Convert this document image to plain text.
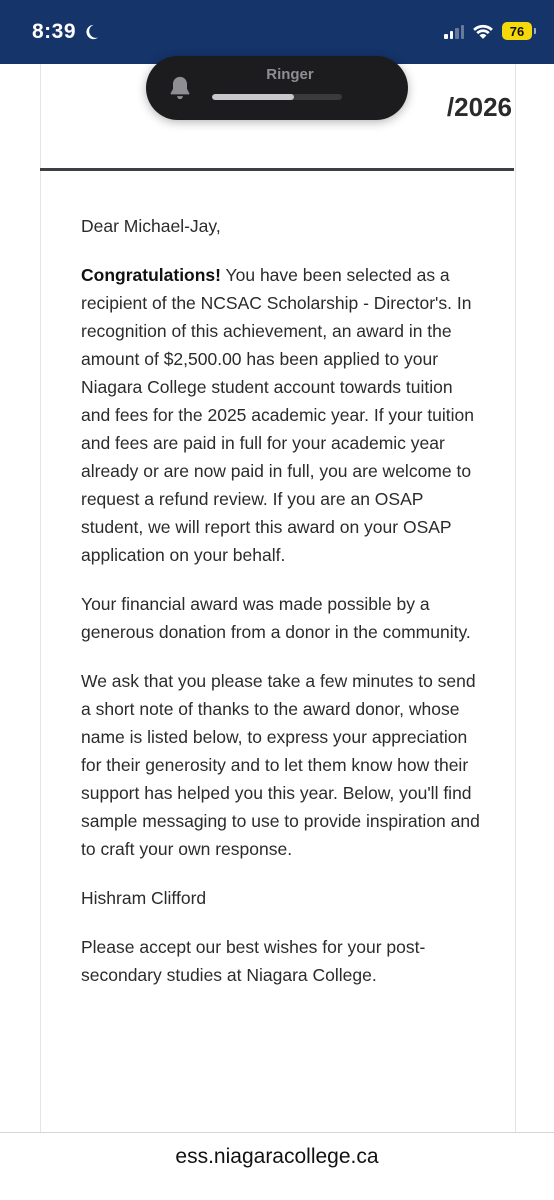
8:39	76
/2026

Dear Michael-Jay,

Congratulations! You have been selected as a recipient of the NCSAC Scholarship - Director's. In recognition of this achievement, an award in the amount of $2,500.00 has been applied to your Niagara College student account towards tuition and fees for the 2025 academic year. If your tuition and fees are paid in full for your academic year already or are now paid in full, you are welcome to request a refund review. If you are an OSAP student, we will report this award on your OSAP application on your behalf.

Your financial award was made possible by a generous donation from a donor in the community.

We ask that you please take a few minutes to send a short note of thanks to the award donor, whose name is listed below, to express your appreciation for their generosity and to let them know how their support has helped you this year. Below, you'll find sample messaging to use to provide inspiration and to craft your own response.

Hishram Clifford

Please accept our best wishes for your post-secondary studies at Niagara College.

Ringer
ess.niagaracollege.ca
